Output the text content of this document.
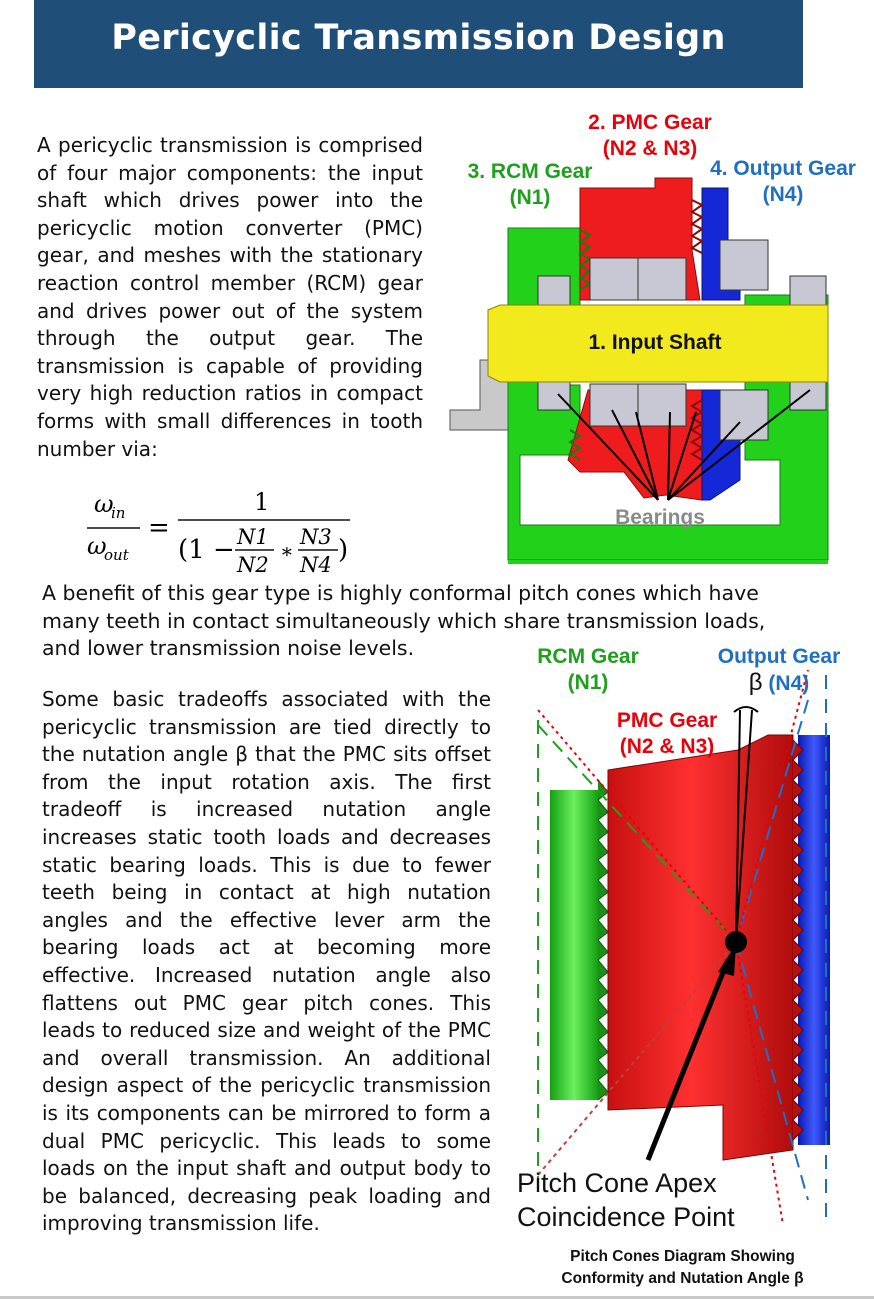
Pericyclic Transmission Design
A pericyclic transmission is comprised of four major components: the input shaft which drives power into the pericyclic motion converter (PMC) gear, and meshes with the stationary reaction control member (RCM) gear and drives power out of the system through the output gear. The transmission is capable of providing very high reduction ratios in compact forms with small differences in tooth number via:
ω
in
ω
out
=
1
(1 − N1
N2
∗
N3
N4 )
2. PMC Gear
(N2 & N3)
3. RCM Gear
(N1)
4. Output Gear
(N4)
1. Input Shaft
Bearings
A benefit of this gear type is highly conformal pitch cones which have many teeth in contact simultaneously which share transmission loads, and lower transmission noise levels.
Some basic tradeoffs associated with the pericyclic transmission are tied directly to the nutation angle β that the PMC sits offset from the input rotation axis. The first tradeoff is increased nutation angle increases static tooth loads and decreases static bearing loads. This is due to fewer teeth being in contact at high nutation angles and the effective lever arm the bearing loads act at becoming more effective. Increased nutation angle also flattens out PMC gear pitch cones. This leads to reduced size and weight of the PMC and overall transmission. An additional design aspect of the pericyclic transmission is its components can be mirrored to form a dual PMC pericyclic. This leads to some loads on the input shaft and output body to be balanced, decreasing peak loading and improving transmission life.
RCM Gear
(N1)
Output Gear
β (N4)
PMC Gear
(N2 & N3)
Pitch Cone Apex
Coincidence Point
Pitch Cones Diagram Showing
Conformity and Nutation Angle β
